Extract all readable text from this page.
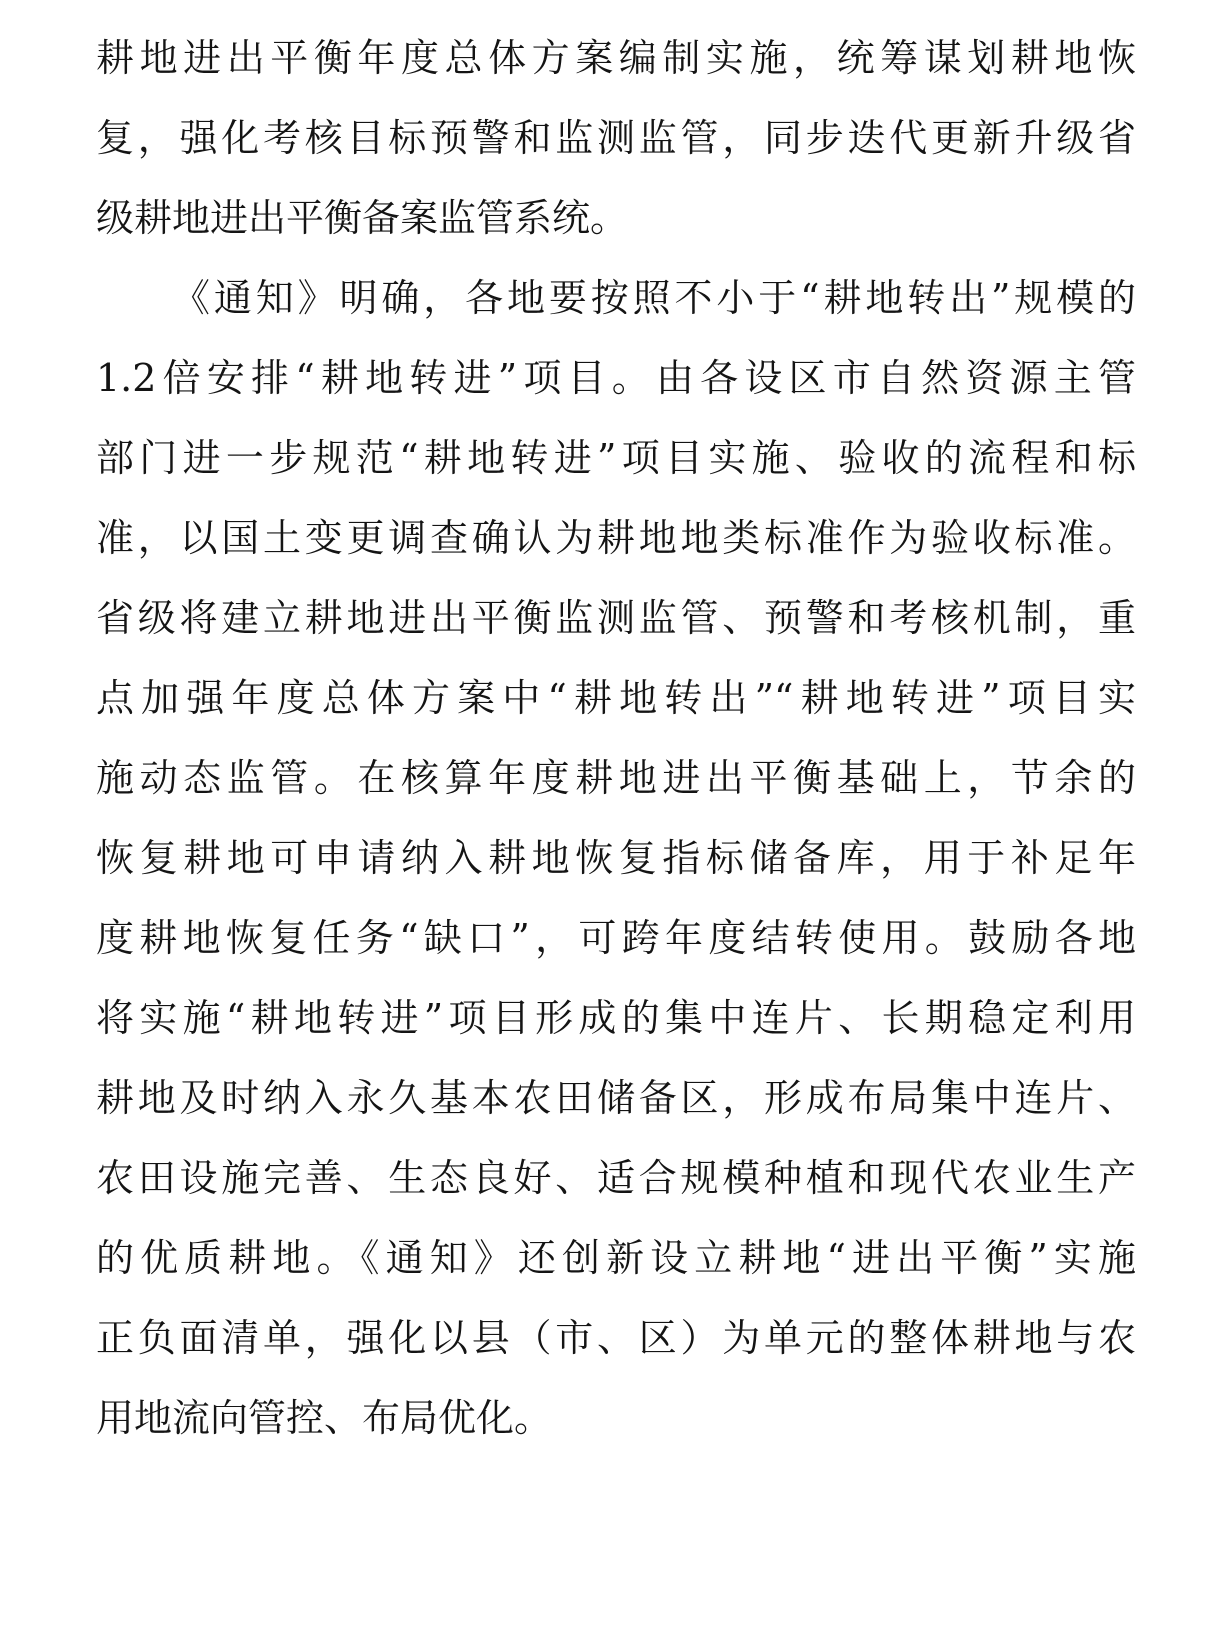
耕地进出平衡年度总体方案编制实施，统筹谋划耕地恢
复，强化考核目标预警和监测监管，同步迭代更新升级省
级耕地进出平衡备案监管系统。
《通知》明确，各地要按照不小于“耕地转出”规模的
1.2倍安排“耕地转进”项目。由各设区市自然资源主管
部门进一步规范“耕地转进”项目实施、验收的流程和标
准，以国土变更调查确认为耕地地类标准作为验收标准。
省级将建立耕地进出平衡监测监管、预警和考核机制，重
点加强年度总体方案中“耕地转出”“耕地转进”项目实
施动态监管。在核算年度耕地进出平衡基础上，节余的
恢复耕地可申请纳入耕地恢复指标储备库，用于补足年
度耕地恢复任务“缺口”，可跨年度结转使用。鼓励各地
将实施“耕地转进”项目形成的集中连片、长期稳定利用
耕地及时纳入永久基本农田储备区，形成布局集中连片、
农田设施完善、生态良好、适合规模种植和现代农业生产
的优质耕地。《通知》还创新设立耕地“进出平衡”实施
正负面清单，强化以县（市、区）为单元的整体耕地与农
用地流向管控、布局优化。
